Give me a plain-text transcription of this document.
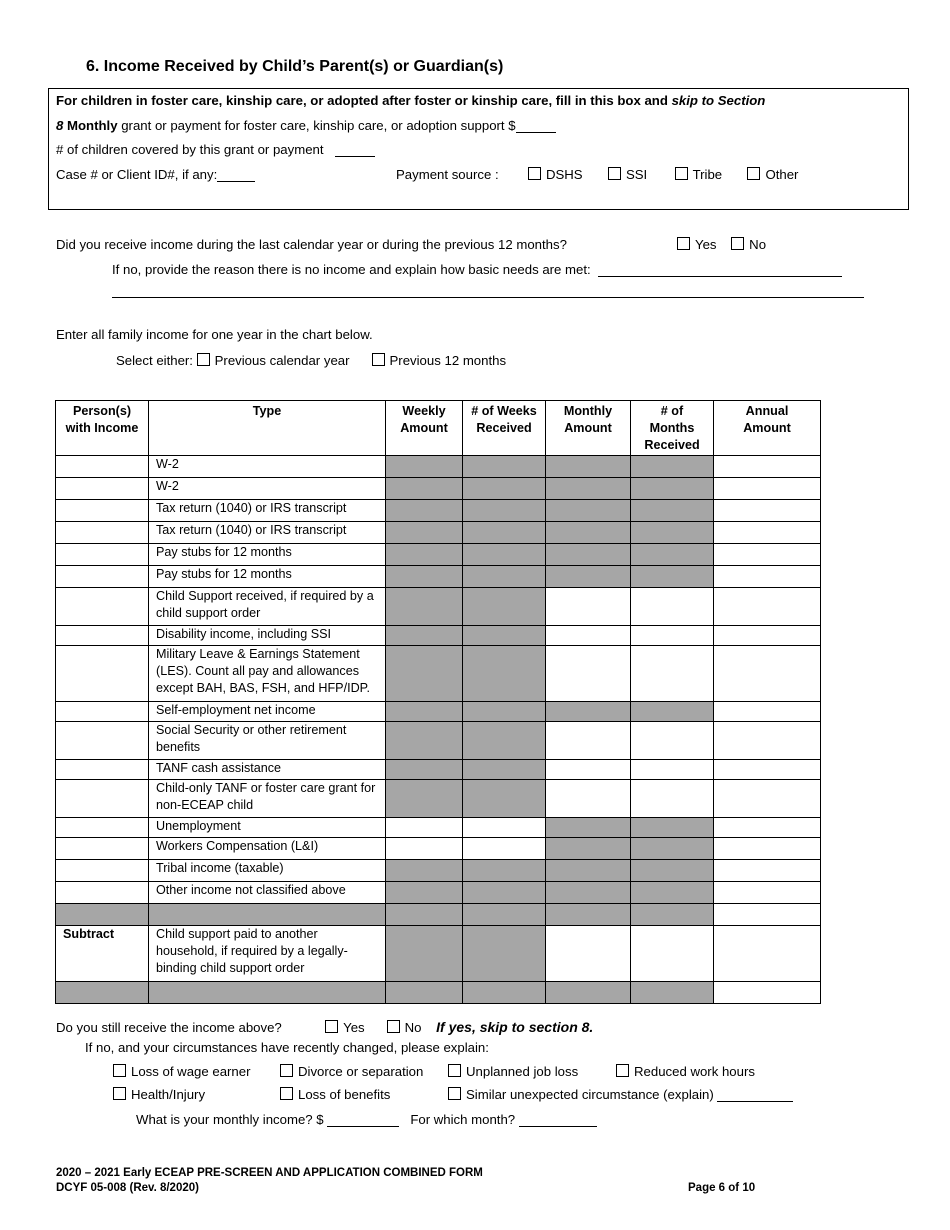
6. Income Received by Child’s Parent(s) or Guardian(s)
For children in foster care, kinship care, or adopted after foster or kinship care, fill in this box and skip to Section
8 Monthly grant or payment for foster care, kinship care, or adoption support $
# of children covered by this grant or payment
Case # or Client ID#, if any:	Payment source :	DSHS	SSI	Tribe	Other
Did you receive income during the last calendar year or during the previous 12 months?	Yes No
If no, provide the reason there is no income and explain how basic needs are met:
Enter all family income for one year in the chart below.
Select either: Previous calendar year	Previous 12 months
Person(s) with Income	Type	Weekly Amount	# of Weeks Received	Monthly Amount	# of Months Received	Annual Amount
	W-2					
	W-2					
	Tax return (1040) or IRS transcript					
	Tax return (1040) or IRS transcript					
	Pay stubs for 12 months					
	Pay stubs for 12 months					
	Child Support received, if required by a child support order					
	Disability income, including SSI					
	Military Leave & Earnings Statement (LES). Count all pay and allowances except BAH, BAS, FSH, and HFP/IDP.					
	Self-employment net income					
	Social Security or other retirement benefits					
	TANF cash assistance					
	Child-only TANF or foster care grant for non-ECEAP child					
	Unemployment					
	Workers Compensation (L&I)					
	Tribal income (taxable)					
	Other income not classified above					

Subtract	Child support paid to another household, if required by a legally-binding child support order					

Do you still receive the income above?	Yes	No If yes, skip to section 8.
If no, and your circumstances have recently changed, please explain:
Loss of wage earner	Divorce or separation	Unplanned job loss	Reduced work hours
Health/Injury	Loss of benefits	Similar unexpected circumstance (explain)
What is your monthly income? $	For which month?
2020 – 2021 Early ECEAP PRE-SCREEN AND APPLICATION COMBINED FORM
DCYF 05-008 (Rev. 8/2020)	Page 6 of 10
